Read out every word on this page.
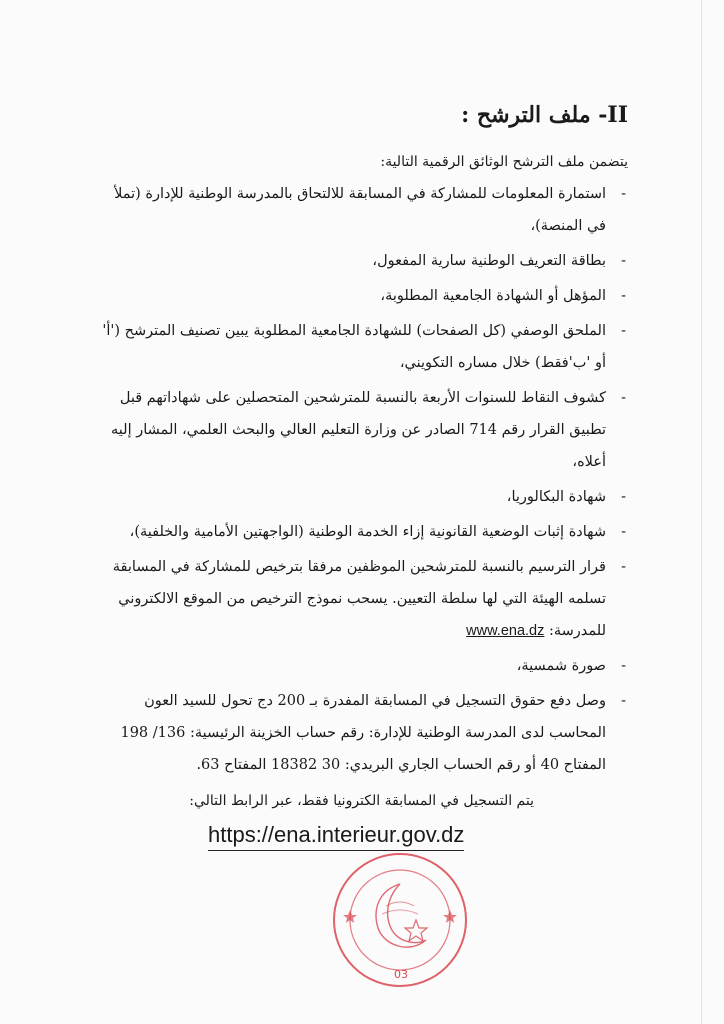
II- ملف الترشح :

يتضمن ملف الترشح الوثائق الرقمية التالية:

-
استمارة المعلومات للمشاركة في المسابقة للالتحاق بالمدرسة الوطنية للإدارة (تملأ في المنصة)،
-
بطاقة التعريف الوطنية سارية المفعول،
-
المؤهل أو الشهادة الجامعية المطلوبة،
-
الملحق الوصفي (كل الصفحات) للشهادة الجامعية المطلوبة يبين تصنيف المترشح ('أ' أو 'ب'فقط) خلال مساره التكويني،
-
كشوف النقاط للسنوات الأربعة بالنسبة للمترشحين المتحصلين على شهاداتهم قبل تطبيق القرار رقم 714 الصادر عن وزارة التعليم العالي والبحث العلمي، المشار إليه أعلاه،
-
شهادة البكالوريا،
-
شهادة إثبات الوضعية القانونية إزاء الخدمة الوطنية (الواجهتين الأمامية والخلفية)،
-
قرار الترسيم بالنسبة للمترشحين الموظفين مرفقا بترخيص للمشاركة في المسابقة تسلمه الهيئة التي لها سلطة التعيين. يسحب نموذج الترخيص من الموقع الالكتروني للمدرسة: www.ena.dz
-
صورة شمسية،
-
وصل دفع حقوق التسجيل في المسابقة المفدرة بـ 200 دج تحول للسيد العون المحاسب لدى المدرسة الوطنية للإدارة: رقم حساب الخزينة الرئيسية: 136/ 198 المفتاح 40 أو رقم الحساب الجاري البريدي: 30 18382 المفتاح 63.

يتم التسجيل في المسابقة الكترونيا فقط، عبر الرابط التالي:

https://ena.interieur.gov.dz

03
